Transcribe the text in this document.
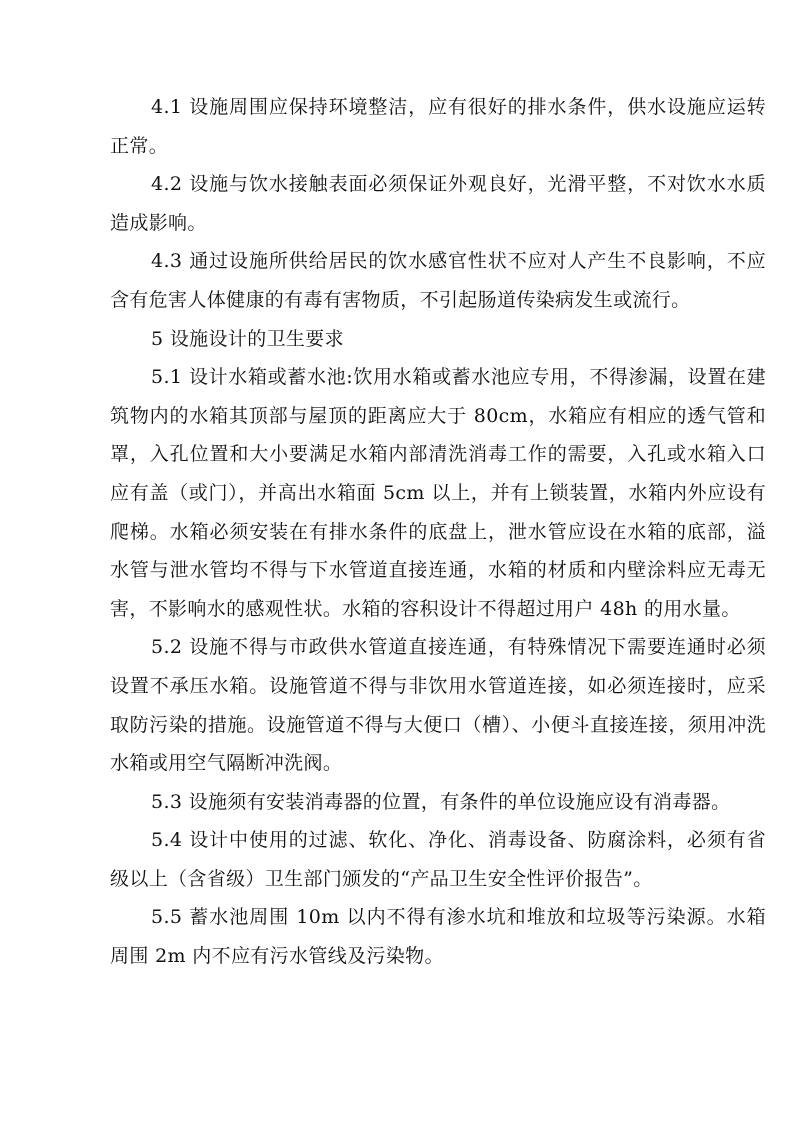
4.1 设施周围应保持环境整洁，应有很好的排水条件，供水设施应运转正常。

4.2 设施与饮水接触表面必须保证外观良好，光滑平整，不对饮水水质造成影响。

4.3 通过设施所供给居民的饮水感官性状不应对人产生不良影响，不应含有危害人体健康的有毒有害物质，不引起肠道传染病发生或流行。

5 设施设计的卫生要求

5.1 设计水箱或蓄水池:饮用水箱或蓄水池应专用，不得渗漏，设置在建筑物内的水箱其顶部与屋顶的距离应大于 80cm，水箱应有相应的透气管和罩，入孔位置和大小要满足水箱内部清洗消毒工作的需要，入孔或水箱入口应有盖（或门），并高出水箱面 5cm 以上，并有上锁装置，水箱内外应设有爬梯。水箱必须安装在有排水条件的底盘上，泄水管应设在水箱的底部，溢水管与泄水管均不得与下水管道直接连通，水箱的材质和内壁涂料应无毒无害，不影响水的感观性状。水箱的容积设计不得超过用户 48h 的用水量。

5.2 设施不得与市政供水管道直接连通，有特殊情况下需要连通时必须设置不承压水箱。设施管道不得与非饮用水管道连接，如必须连接时，应采取防污染的措施。设施管道不得与大便口（槽）、小便斗直接连接，须用冲洗水箱或用空气隔断冲洗阀。

5.3 设施须有安装消毒器的位置，有条件的单位设施应设有消毒器。

5.4 设计中使用的过滤、软化、净化、消毒设备、防腐涂料，必须有省级以上（含省级）卫生部门颁发的“产品卫生安全性评价报告”。

5.5 蓄水池周围 10m 以内不得有渗水坑和堆放和垃圾等污染源。水箱周围 2m 内不应有污水管线及污染物。
